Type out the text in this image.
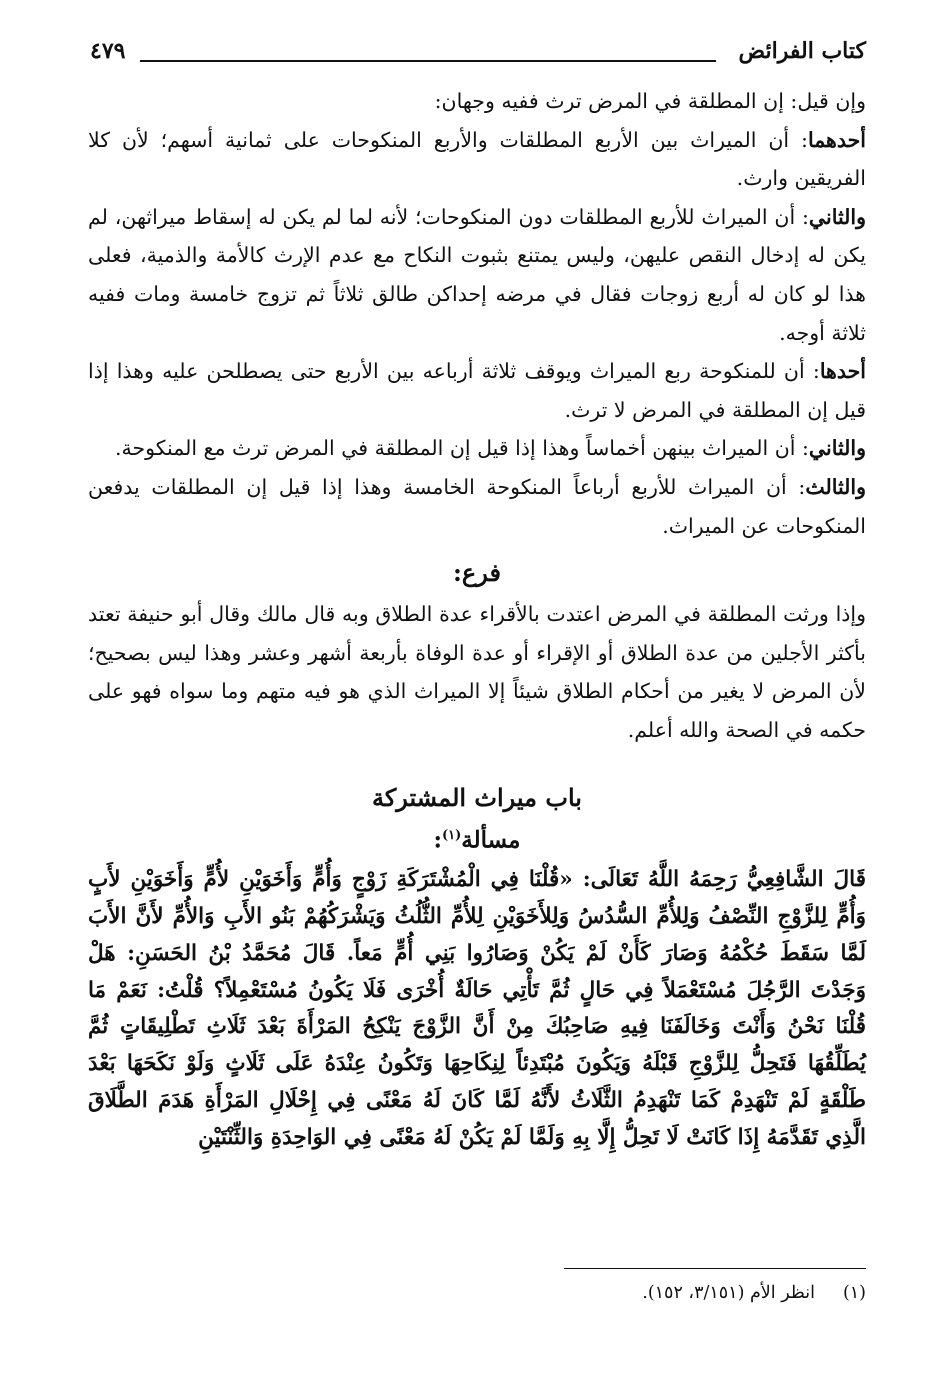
كتاب الفرائض
٤٧٩

وإن قيل: إن المطلقة في المرض ترث ففيه وجهان:

أحدهما: أن الميراث بين الأربع المطلقات والأربع المنكوحات على ثمانية أسهم؛ لأن كلا الفريقين وارث.

والثاني: أن الميراث للأربع المطلقات دون المنكوحات؛ لأنه لما لم يكن له إسقاط ميراثهن، لم يكن له إدخال النقص عليهن، وليس يمتنع بثبوت النكاح مع عدم الإرث كالأمة والذمية، فعلى هذا لو كان له أربع زوجات فقال في مرضه إحداكن طالق ثلاثاً ثم تزوج خامسة ومات ففيه ثلاثة أوجه.

أحدها: أن للمنكوحة ربع الميراث ويوقف ثلاثة أرباعه بين الأربع حتى يصطلحن عليه وهذا إذا قيل إن المطلقة في المرض لا ترث.

والثاني: أن الميراث بينهن أخماساً وهذا إذا قيل إن المطلقة في المرض ترث مع المنكوحة.

والثالث: أن الميراث للأربع أرباعاً المنكوحة الخامسة وهذا إذا قيل إن المطلقات يدفعن المنكوحات عن الميراث.

فرع:

وإذا ورثت المطلقة في المرض اعتدت بالأقراء عدة الطلاق وبه قال مالك وقال أبو حنيفة تعتد بأكثر الأجلين من عدة الطلاق أو الإقراء أو عدة الوفاة بأربعة أشهر وعشر وهذا ليس بصحيح؛ لأن المرض لا يغير من أحكام الطلاق شيئاً إلا الميراث الذي هو فيه متهم وما سواه فهو على حكمه في الصحة والله أعلم.

باب ميراث المشتركة
مسألة$^{(١)}$:

قَالَ الشَّافِعِيُّ رَحِمَهُ اللَّهُ تَعَالَى: «قُلْنَا فِي الْمُشْتَرَكَةِ زَوْجٍ وَأُمٍّ وَأَخَوَيْنِ لأُمٍّ وَأَخَوَيْنِ لأَبٍ وَأُمٍّ لِلزَّوْجِ النِّصْفُ وَلِلأُمِّ السُّدُسُ وَلِلأَخَوَيْنِ لِلأُمِّ الثُّلُثُ وَيَشْرَكُهُمْ بَنُو الأَبِ وَالأُمِّ لأَنَّ الأَبَ لَمَّا سَقَطَ حُكْمُهُ وَصَارَ كَأَنْ لَمْ يَكُنْ وَصَارُوا بَنِي أُمٍّ مَعاً. قَالَ مُحَمَّدُ بْنُ الحَسَنِ: هَلْ وَجَدْتَ الرَّجُلَ مُسْتَعْمَلاً فِي حَالٍ ثُمَّ تَأْتِي حَالَةٌ أُخْرَى فَلَا يَكُونُ مُسْتَعْمِلاً؟ قُلْتُ: نَعَمْ مَا قُلْنَا نَحْنُ وَأَنْتَ وَخَالَفَنَا فِيهِ صَاحِبُكَ مِنْ أَنَّ الزَّوْجَ يَنْكِحُ المَرْأَةَ بَعْدَ ثَلَاثِ تَطْلِيقَاتٍ ثُمَّ يُطَلِّقُهَا فَتَحِلُّ لِلزَّوْجِ قَبْلَهُ وَيَكُونَ مُبْتَدِئاً لِنِكَاحِهَا وَتَكُونُ عِنْدَهُ عَلَى ثَلَاثٍ وَلَوْ نَكَحَهَا بَعْدَ طَلْقَةٍ لَمْ تَنْهَدِمْ كَمَا تَنْهَدِمُ الثَّلَاثُ لأَنَّهُ لَمَّا كَانَ لَهُ مَعْنًى فِي إِحْلَالِ المَرْأَةِ هَدَمَ الطَّلَاقَ الَّذِي تَقَدَّمَهُ إِذَا كَانَتْ لَا تَحِلُّ إِلَّا بِهِ وَلَمَّا لَمْ يَكُنْ لَهُ مَعْنًى فِي الوَاحِدَةِ وَالثِّنْتَيْنِ

(١)انظر الأم (٣/١٥١، ١٥٢).
